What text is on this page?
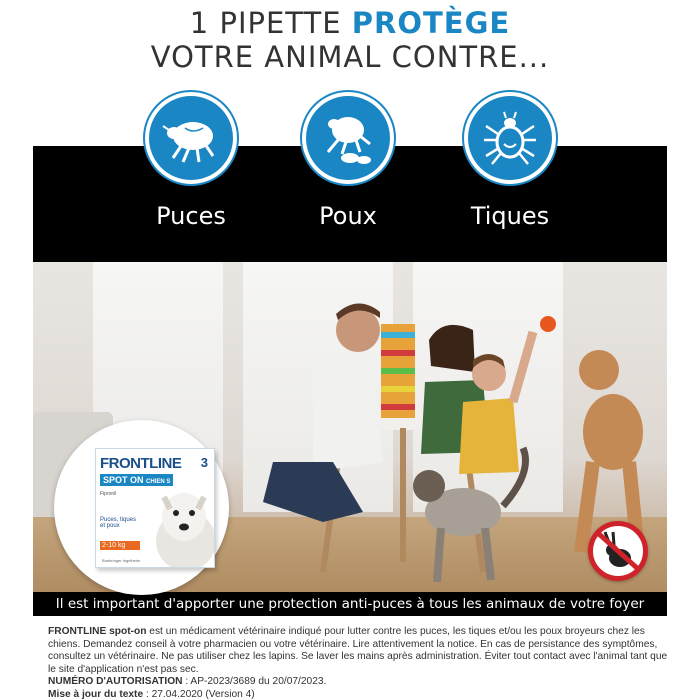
1 PIPETTE PROTÈGE
VOTRE ANIMAL CONTRE...
Puces	Poux	Tiques
Il est important d'apporter une protection anti-puces à tous les animaux de votre foyer
FRONTLINE 3
SPOT ON CHIEN S
Fipronil
Puces, tiques et poux
2-10 kg
Boehringer Ingelheim
FRONTLINE spot-on est un médicament vétérinaire indiqué pour lutter contre les puces, les tiques et/ou les poux broyeurs chez les chiens. Demandez conseil à votre pharmacien ou votre vétérinaire. Lire attentivement la notice. En cas de persistance des symptômes, consultez un vétérinaire. Ne pas utiliser chez les lapins. Se laver les mains après administration. Éviter tout contact avec l'animal tant que le site d'application n'est pas sec.
NUMÉRO D'AUTORISATION : AP-2023/3689 du 20/07/2023.
Mise à jour du texte : 27.04.2020 (Version 4)
